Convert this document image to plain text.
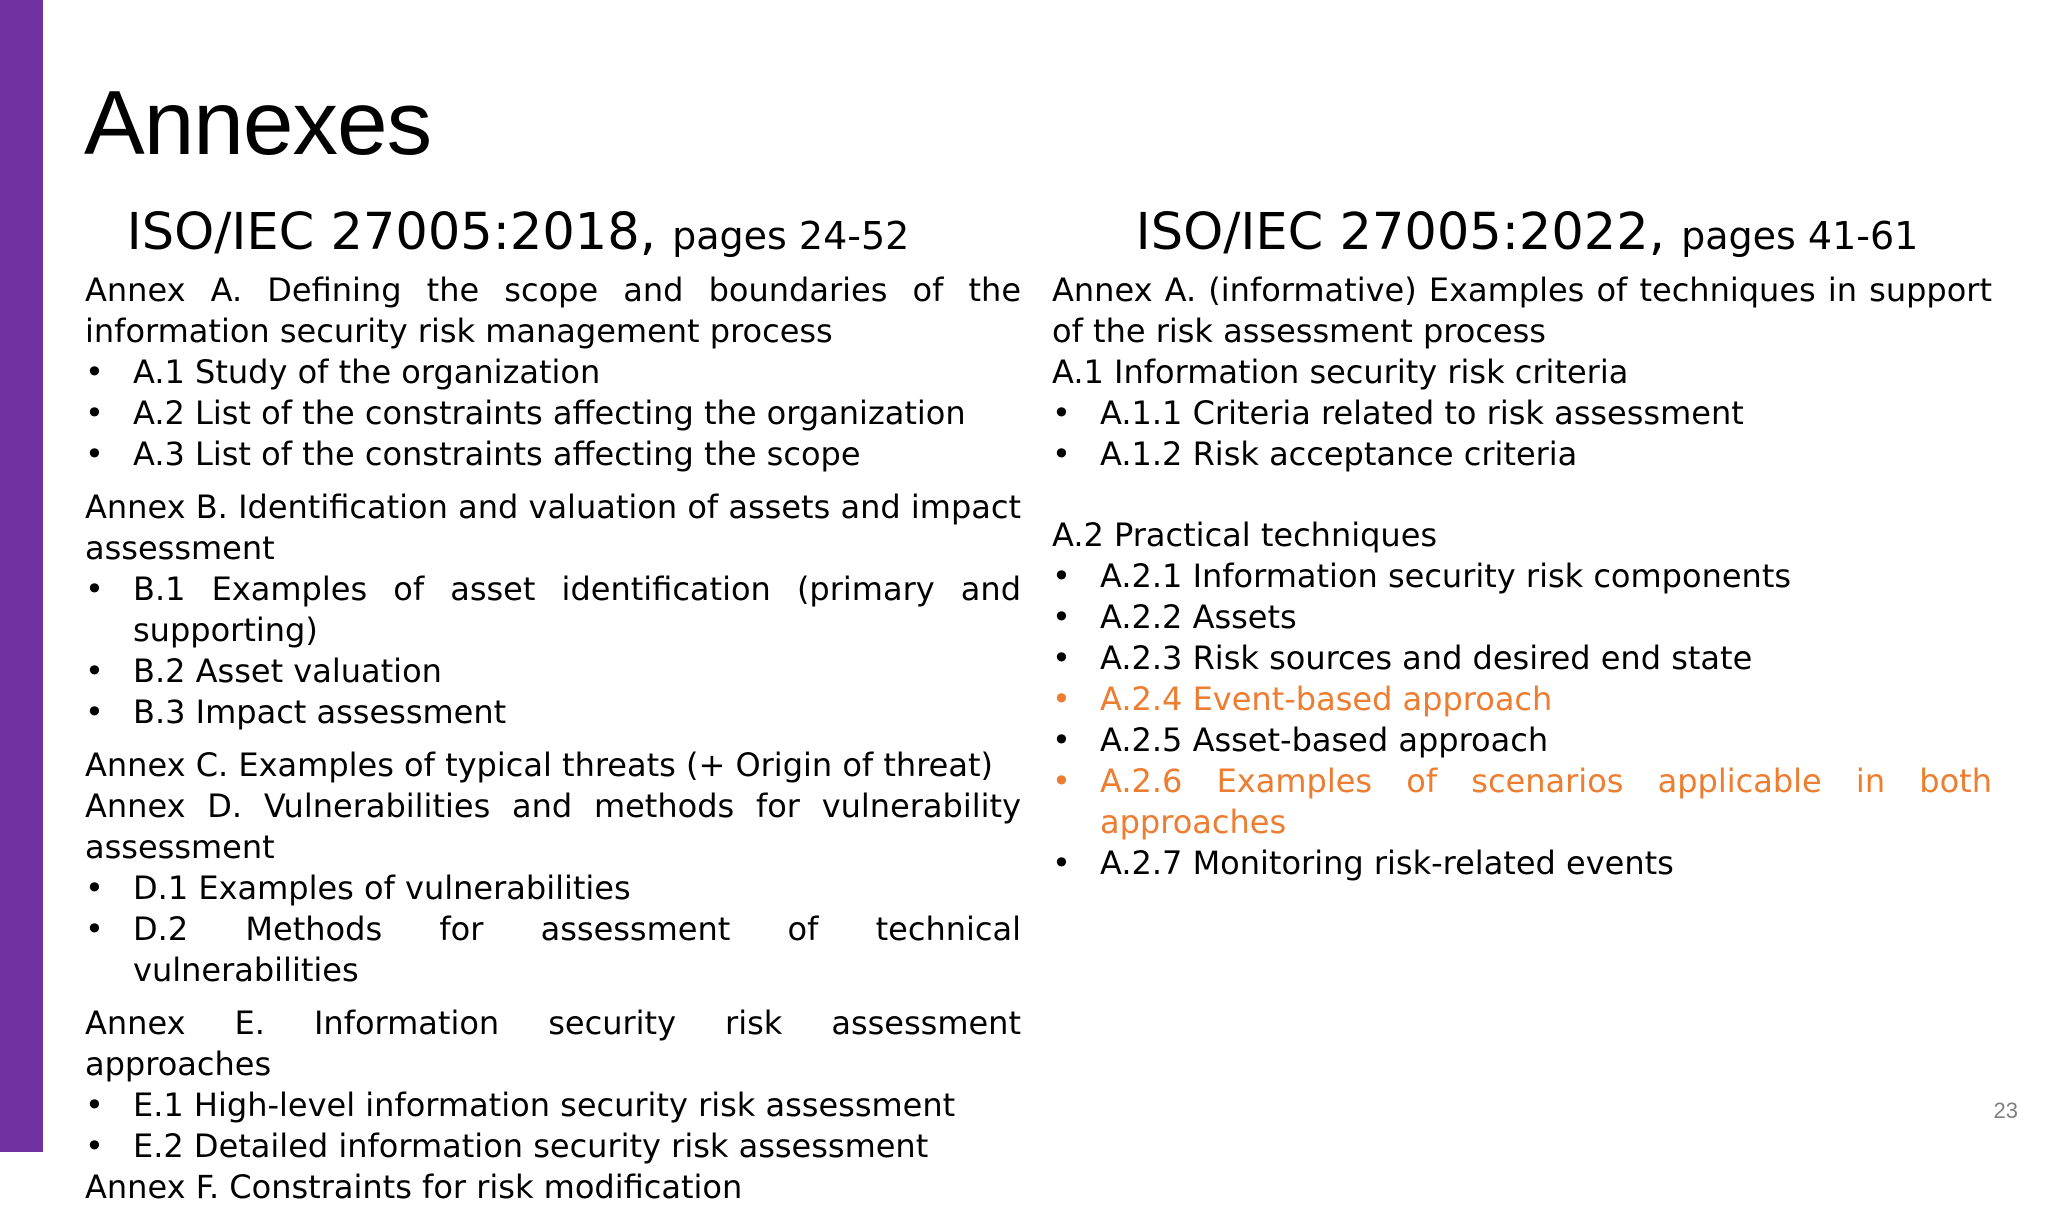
Annexes
ISO/IEC 27005:2018, pages 24-52
Annex A. Defining the scope and boundaries of the information security risk management process
• A.1 Study of the organization
• A.2 List of the constraints affecting the organization
• A.3 List of the constraints affecting the scope
Annex B. Identification and valuation of assets and impact assessment
• B.1 Examples of asset identification (primary and supporting)
• B.2 Asset valuation
• B.3 Impact assessment
Annex C. Examples of typical threats (+ Origin of threat)
Annex D. Vulnerabilities and methods for vulnerability assessment
• D.1 Examples of vulnerabilities
• D.2 Methods for assessment of technical vulnerabilities
Annex E. Information security risk assessment approaches
• E.1 High-level information security risk assessment
• E.2 Detailed information security risk assessment
Annex F. Constraints for risk modification
ISO/IEC 27005:2022, pages 41-61
Annex A. (informative) Examples of techniques in support of the risk assessment process
A.1 Information security risk criteria
• A.1.1 Criteria related to risk assessment
• A.1.2 Risk acceptance criteria
A.2 Practical techniques
• A.2.1 Information security risk components
• A.2.2 Assets
• A.2.3 Risk sources and desired end state
• A.2.4 Event-based approach
• A.2.5 Asset-based approach
• A.2.6 Examples of scenarios applicable in both approaches
• A.2.7 Monitoring risk-related events
23
